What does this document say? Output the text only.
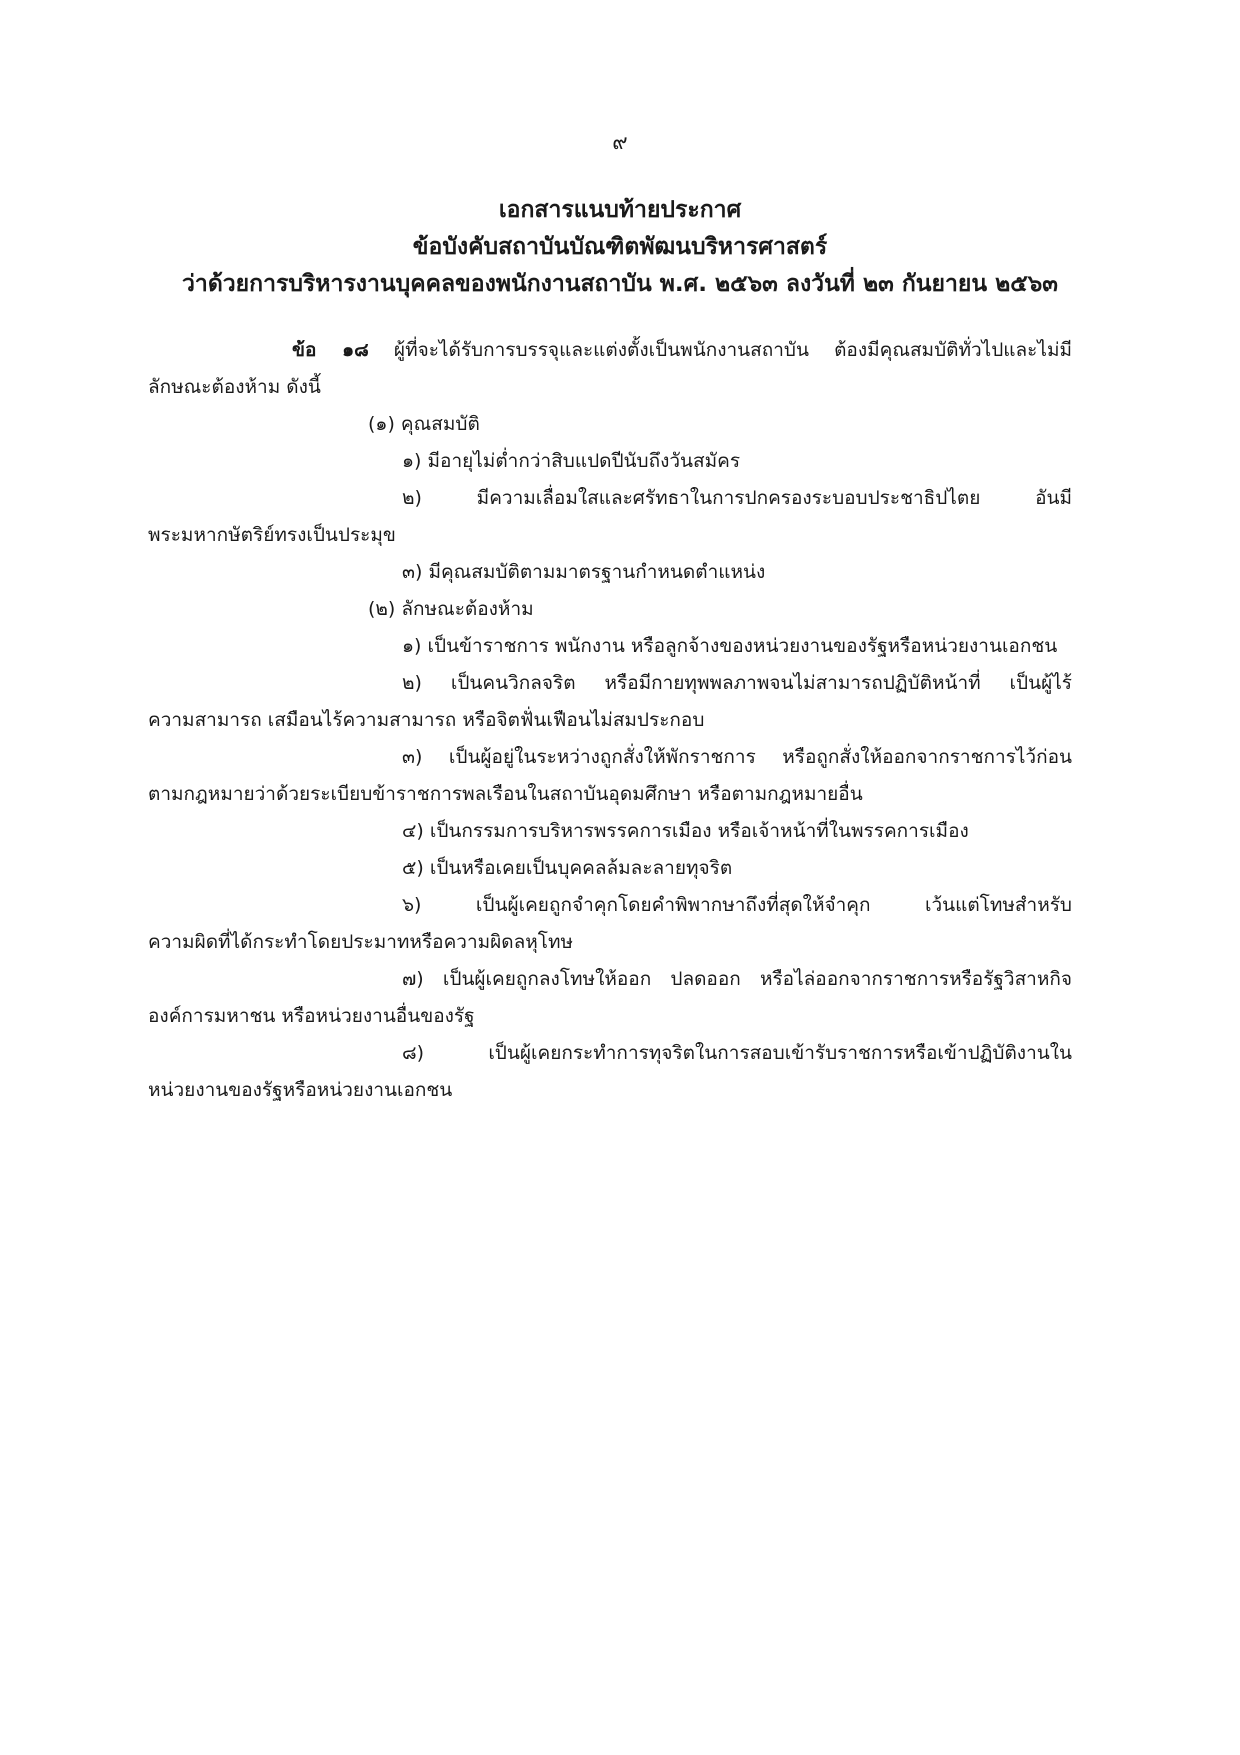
๙
เอกสารแนบท้ายประกาศ
ข้อบังคับสถาบันบัณฑิตพัฒนบริหารศาสตร์
ว่าด้วยการบริหารงานบุคคลของพนักงานสถาบัน พ.ศ. ๒๕๖๓ ลงวันที่ ๒๓ กันยายน ๒๕๖๓
ข้อ ๑๘ ผู้ที่จะได้รับการบรรจุและแต่งตั้งเป็นพนักงานสถาบัน ต้องมีคุณสมบัติทั่วไปและไม่มี
ลักษณะต้องห้าม ดังนี้
(๑) คุณสมบัติ
๑) มีอายุไม่ต่ำกว่าสิบแปดปีนับถึงวันสมัคร
๒) มีความเลื่อมใสและศรัทธาในการปกครองระบอบประชาธิปไตย อันมี
พระมหากษัตริย์ทรงเป็นประมุข
๓) มีคุณสมบัติตามมาตรฐานกำหนดตำแหน่ง
(๒) ลักษณะต้องห้าม
๑) เป็นข้าราชการ พนักงาน หรือลูกจ้างของหน่วยงานของรัฐหรือหน่วยงานเอกชน
๒) เป็นคนวิกลจริต หรือมีกายทุพพลภาพจนไม่สามารถปฏิบัติหน้าที่ เป็นผู้ไร้
ความสามารถ เสมือนไร้ความสามารถ หรือจิตฟั่นเฟือนไม่สมประกอบ
๓) เป็นผู้อยู่ในระหว่างถูกสั่งให้พักราชการ หรือถูกสั่งให้ออกจากราชการไว้ก่อน
ตามกฎหมายว่าด้วยระเบียบข้าราชการพลเรือนในสถาบันอุดมศึกษา หรือตามกฎหมายอื่น
๔) เป็นกรรมการบริหารพรรคการเมือง หรือเจ้าหน้าที่ในพรรคการเมือง
๕) เป็นหรือเคยเป็นบุคคลล้มละลายทุจริต
๖) เป็นผู้เคยถูกจำคุกโดยคำพิพากษาถึงที่สุดให้จำคุก เว้นแต่โทษสำหรับ
ความผิดที่ได้กระทำโดยประมาทหรือความผิดลหุโทษ
๗) เป็นผู้เคยถูกลงโทษให้ออก ปลดออก หรือไล่ออกจากราชการหรือรัฐวิสาหกิจ
องค์การมหาชน หรือหน่วยงานอื่นของรัฐ
๘) เป็นผู้เคยกระทำการทุจริตในการสอบเข้ารับราชการหรือเข้าปฏิบัติงานใน
หน่วยงานของรัฐหรือหน่วยงานเอกชน
